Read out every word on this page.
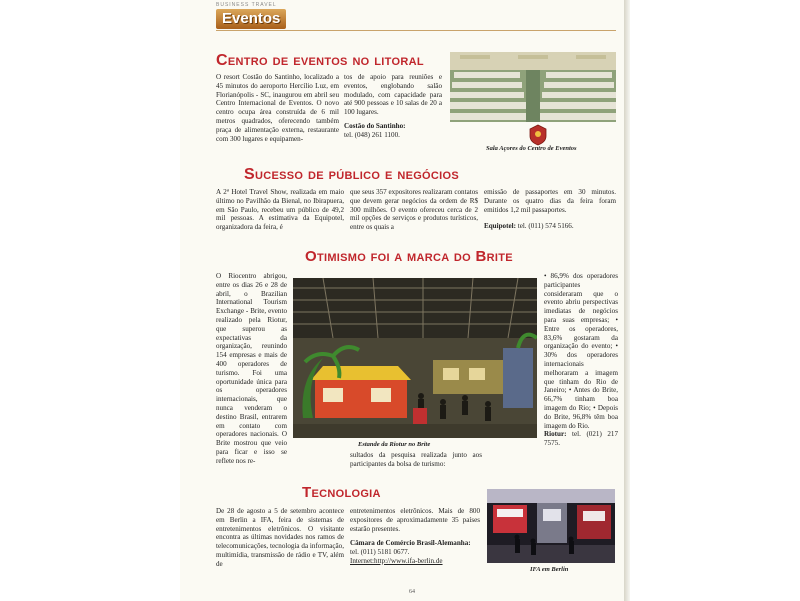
BUSINESS TRAVEL
Eventos
Centro de eventos no litoral

O resort Costão do Santinho, localizado a 45 minutos do aeroporto Hercílio Luz, em Florianópolis - SC, inaugurou em abril seu Centro Internacional de Eventos. O novo centro ocupa área construída de 6 mil metros quadrados, oferecendo também praça de alimentação externa, restaurante com 300 lugares e equipamen-

tos de apoio para reuniões e eventos, englobando salão modulado, com capacidade para até 900 pessoas e 10 salas de 20 a 100 lugares.

Costão do Santinho:

tel. (048) 261 1100.

Sala Açores do Centro de Eventos
Sucesso de público e negócios

A 2ª Hotel Travel Show, realizada em maio último no Pavilhão da Bienal, no Ibirapuera, em São Paulo, recebeu um público de 49,2 mil pessoas. A estimativa da Equipotel, organizadora da feira, é

que seus 357 expositores realizaram contatos que devem gerar negócios da ordem de R$ 300 milhões. O evento ofereceu cerca de 2 mil opções de serviços e produtos turísticos, entre os quais a

emissão de passaportes em 30 minutos. Durante os quatro dias da feira foram emitidos 1,2 mil passaportes.

Equipotel: tel. (011) 574 5166.

Otimismo foi a marca do Brite

O Riocentro abrigou, entre os dias 26 e 28 de abril, o Brazilian International Tourism Exchange - Brite, evento realizado pela Riotur, que superou as expectativas da organização, reunindo 154 empresas e mais de 400 operadores de turismo. Foi uma oportunidade única para os operadores internacionais, que nunca venderam o destino Brasil, entrarem em contato com operadores nacionais. O Brite mostrou que veio para ficar e isso se reflete nos re-

Estande da Riotur no Brite

sultados da pesquisa realizada junto aos participantes da bolsa de turismo:

• 86,9% dos operadores participantes consideraram que o evento abriu perspectivas imediatas de negócios para suas empresas; • Entre os operadores, 83,6% gostaram da organização do evento; • 30% dos operadores internacionais melhoraram a imagem que tinham do Rio de Janeiro; • Antes do Brite, 66,7% tinham boa imagem do Rio; • Depois do Brite, 96,8% têm boa imagem do Rio.

Riotur: tel. (021) 217 7575.

Tecnologia

De 28 de agosto a 5 de setembro acontece em Berlin a IFA, feira de sistemas de entretenimentos eletrônicos. O visitante encontra as últimas novidades nos ramos de telecomunicações, tecnologia da informação, multimídia, transmissão de rádio e TV, além de

entretenimentos eletrônicos. Mais de 800 expositores de aproximadamente 35 países estarão presentes.

Câmara de Comércio Brasil-Alemanha:

tel. (011) 5181 0677.

Internet:http://www.ifa-berlin.de

IFA em Berlin
64
